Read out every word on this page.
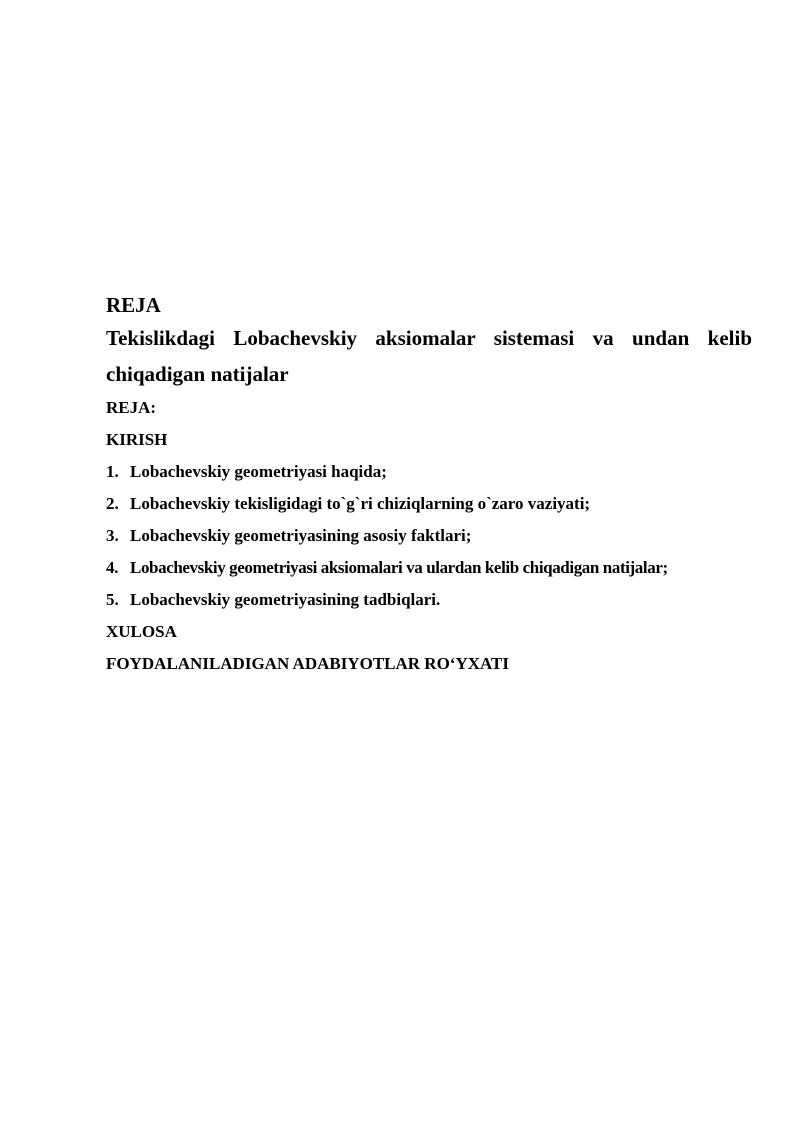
REJA

Tekislikdagi Lobachevskiy aksiomalar sistemasi va undan kelib chiqadigan natijalar

REJA:

KIRISH

1. Lobachevskiy geometriyasi haqida;
2. Lobachevskiy tekisligidagi to`g`ri chiziqlarning o`zaro vaziyati;
3. Lobachevskiy geometriyasining asosiy faktlari;
4. Lobachevskiy geometriyasi aksiomalari va ulardan kelib chiqadigan natijalar;
5. Lobachevskiy geometriyasining tadbiqlari.

XULOSA

FOYDALANILADIGAN ADABIYOTLAR RO‘YXATI
